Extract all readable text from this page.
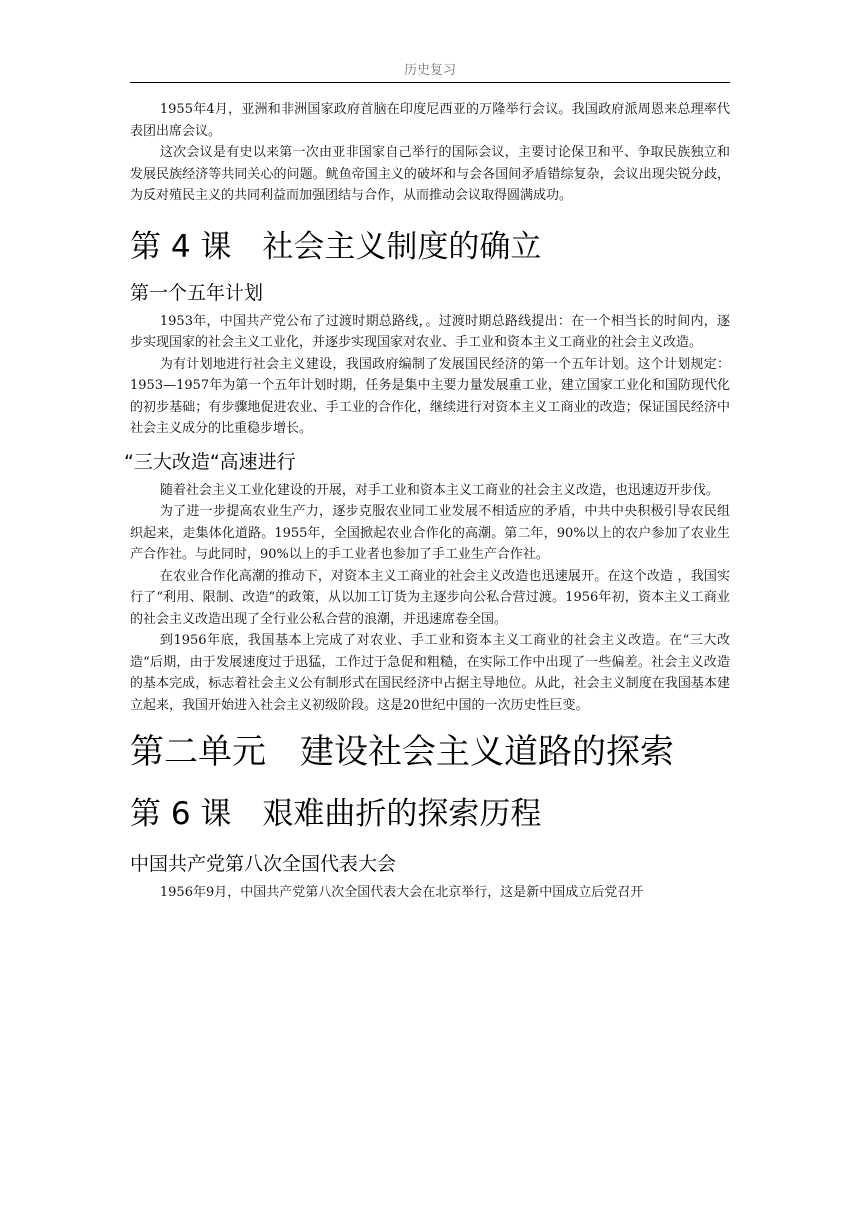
历史复习

1955年4月，亚洲和非洲国家政府首脑在印度尼西亚的万隆举行会议。我国政府派周恩来总理率代表团出席会议。

这次会议是有史以来第一次由亚非国家自己举行的国际会议，主要讨论保卫和平、争取民族独立和发展民族经济等共同关心的问题。鱿鱼帝国主义的破坏和与会各国间矛盾错综复杂，会议出现尖锐分歧，为反对殖民主义的共同利益而加强团结与合作，从而推动会议取得圆满成功。

第 4 课　社会主义制度的确立
第一个五年计划

1953年，中国共产党公布了过渡时期总路线，。过渡时期总路线提出：在一个相当长的时间内，逐步实现国家的社会主义工业化，并逐步实现国家对农业、手工业和资本主义工商业的社会主义改造。

为有计划地进行社会主义建设，我国政府编制了发展国民经济的第一个五年计划。这个计划规定：1953—1957年为第一个五年计划时期，任务是集中主要力量发展重工业，建立国家工业化和国防现代化的初步基础；有步骤地促进农业、手工业的合作化，继续进行对资本主义工商业的改造；保证国民经济中社会主义成分的比重稳步增长。

“三大改造“高速进行

随着社会主义工业化建设的开展，对手工业和资本主义工商业的社会主义改造，也迅速迈开步伐。

为了进一步提高农业生产力，逐步克服农业同工业发展不相适应的矛盾，中共中央积极引导农民组织起来，走集体化道路。1955年，全国掀起农业合作化的高潮。第二年，90%以上的农户参加了农业生产合作社。与此同时，90%以上的手工业者也参加了手工业生产合作社。

在农业合作化高潮的推动下，对资本主义工商业的社会主义改造也迅速展开。在这个改造 ，我国实行了“利用、限制、改造“的政策，从以加工订货为主逐步向公私合营过渡。1956年初，资本主义工商业的社会主义改造出现了全行业公私合营的浪潮，并迅速席卷全国。

到1956年底，我国基本上完成了对农业、手工业和资本主义工商业的社会主义改造。在“三大改造“后期，由于发展速度过于迅猛，工作过于急促和粗糙，在实际工作中出现了一些偏差。社会主义改造的基本完成，标志着社会主义公有制形式在国民经济中占据主导地位。从此，社会主义制度在我国基本建立起来，我国开始进入社会主义初级阶段。这是20世纪中国的一次历史性巨变。

第二单元　建设社会主义道路的探索
第 6 课　艰难曲折的探索历程
中国共产党第八次全国代表大会

1956年9月，中国共产党第八次全国代表大会在北京举行，这是新中国成立后党召开
